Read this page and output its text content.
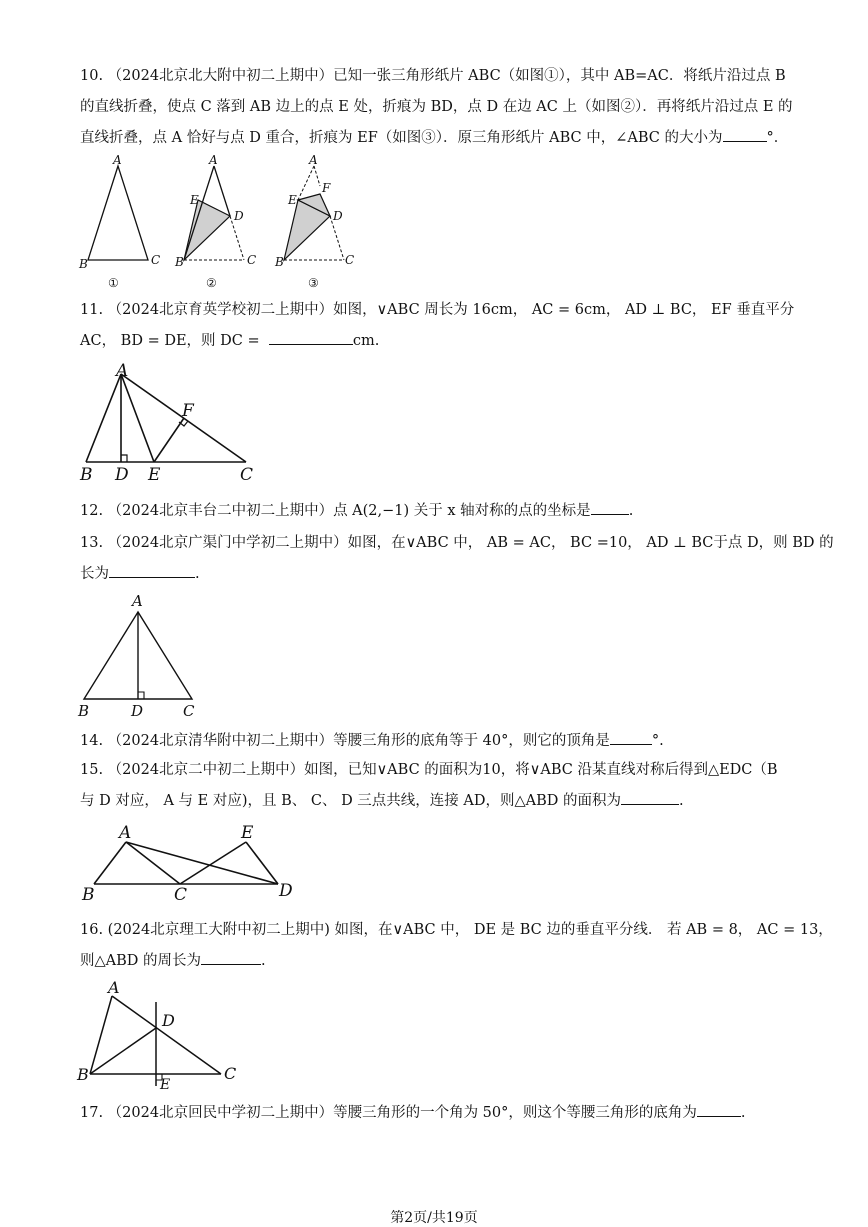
10. （2024北京北大附中初二上期中）已知一张三角形纸片 ABC（如图①），其中 AB=AC．将纸片沿过点 B
的直线折叠，使点 C 落到 AB 边上的点 E 处，折痕为 BD，点 D 在边 AC 上（如图②）．再将纸片沿过点 E 的
直线折叠，点 A 恰好与点 D 重合，折痕为 EF（如图③）．原三角形纸片 ABC 中，∠ABC 的大小为	°．
A
B	C
①
A
E
D
B	C
②
A
F
E
D
B	C
③
11. （2024北京育英学校初二上期中）如图，∨ABC 周长为 16cm， AC = 6cm， AD ⊥ BC， EF 垂直平分
AC， BD = DE，则 DC =	cm.
A
F
B D E	C
12. （2024北京丰台二中初二上期中）点 A(2,−1) 关于 x 轴对称的点的坐标是	.
13. （2024北京广渠门中学初二上期中）如图，在∨ABC 中， AB = AC， BC =10， AD ⊥ BC于点 D，则 BD 的
长为	.
A
B	D	C
14. （2024北京清华附中初二上期中）等腰三角形的底角等于 40°，则它的顶角是	°.
15. （2024北京二中初二上期中）如图，已知∨ABC 的面积为10，将∨ABC 沿某直线对称后得到△EDC（B
与 D 对应， A 与 E 对应)，且 B、 C、 D 三点共线，连接 AD，则△ABD 的面积为	.
A	E
B	C	D
16. (2024北京理工大附中初二上期中) 如图，在∨ABC 中， DE 是 BC 边的垂直平分线． 若 AB = 8， AC = 13，
则△ABD 的周长为	.
A
D
B
E
C
17. （2024北京回民中学初二上期中）等腰三角形的一个角为 50°，则这个等腰三角形的底角为	.
第2页/共19页
